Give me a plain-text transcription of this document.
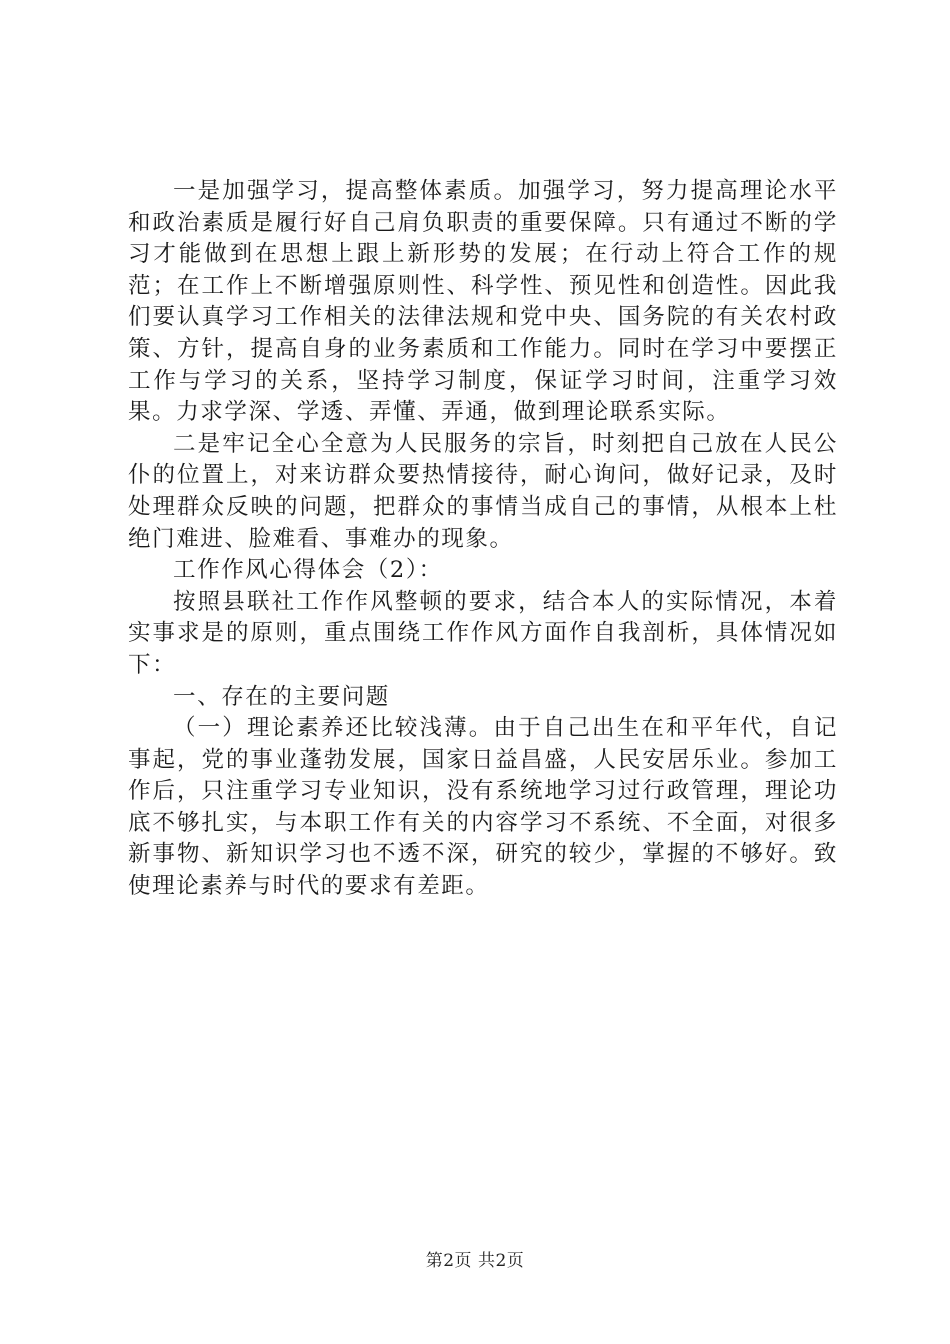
一是加强学习，提高整体素质。加强学习，努力提高理论水平和政治素质是履行好自己肩负职责的重要保障。只有通过不断的学习才能做到在思想上跟上新形势的发展；在行动上符合工作的规范；在工作上不断增强原则性、科学性、预见性和创造性。因此我们要认真学习工作相关的法律法规和党中央、国务院的有关农村政策、方针，提高自身的业务素质和工作能力。同时在学习中要摆正工作与学习的关系，坚持学习制度，保证学习时间，注重学习效果。力求学深、学透、弄懂、弄通，做到理论联系实际。

二是牢记全心全意为人民服务的宗旨，时刻把自己放在人民公仆的位置上，对来访群众要热情接待，耐心询问，做好记录，及时处理群众反映的问题，把群众的事情当成自己的事情，从根本上杜绝门难进、脸难看、事难办的现象。

工作作风心得体会（2）：

按照县联社工作作风整顿的要求，结合本人的实际情况，本着实事求是的原则，重点围绕工作作风方面作自我剖析，具体情况如下：

一、存在的主要问题

（一）理论素养还比较浅薄。由于自己出生在和平年代，自记事起，党的事业蓬勃发展，国家日益昌盛，人民安居乐业。参加工作后，只注重学习专业知识，没有系统地学习过行政管理，理论功底不够扎实，与本职工作有关的内容学习不系统、不全面，对很多新事物、新知识学习也不透不深，研究的较少，掌握的不够好。致使理论素养与时代的要求有差距。

第2页 共2页
